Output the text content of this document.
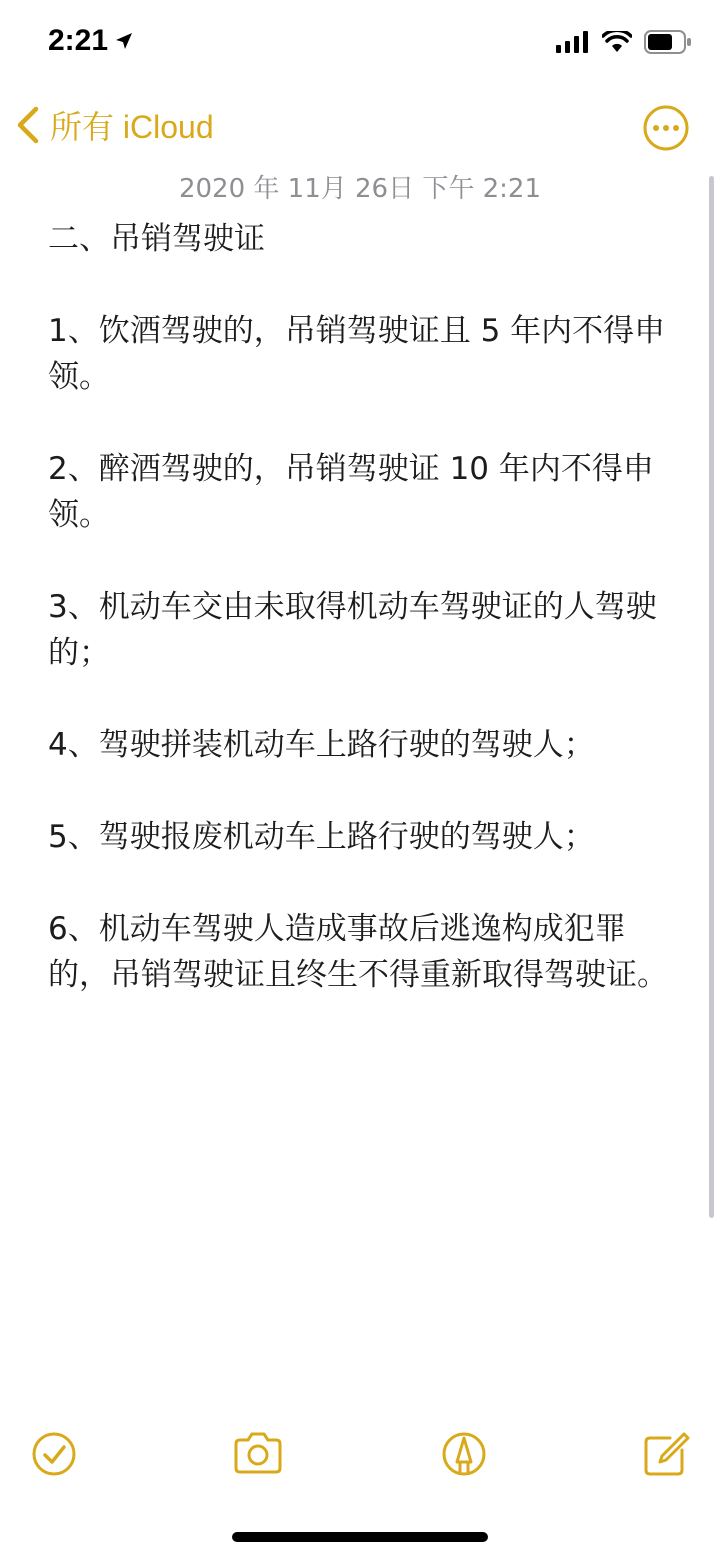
2:21
所有 iCloud
2020 年 11月 26日 下午 2:21

二、吊销驾驶证

1、饮酒驾驶的，吊销驾驶证且 5 年内不得申领。

2、醉酒驾驶的，吊销驾驶证 10 年内不得申领。

3、机动车交由未取得机动车驾驶证的人驾驶的；

4、驾驶拼装机动车上路行驶的驾驶人；

5、驾驶报废机动车上路行驶的驾驶人；

6、机动车驾驶人造成事故后逃逸构成犯罪的，吊销驾驶证且终生不得重新取得驾驶证。
